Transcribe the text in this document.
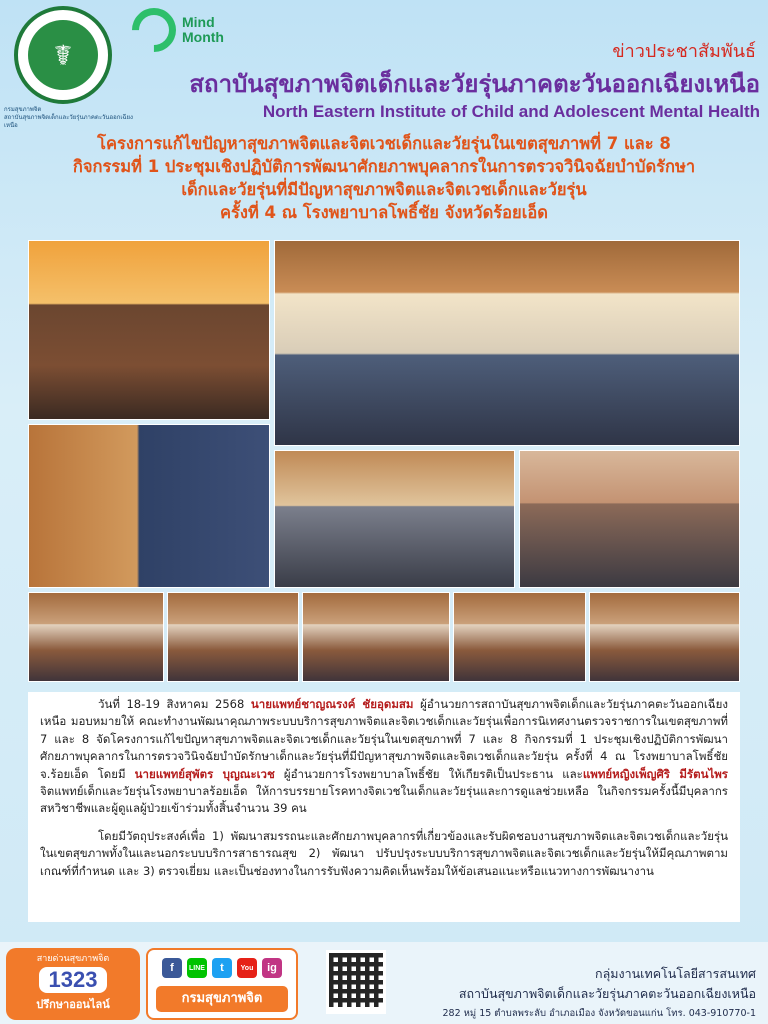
☤
กรมสุขภาพจิต
สถาบันสุขภาพจิตเด็กและวัยรุ่นภาคตะวันออกเฉียงเหนือ
Mind
Month
ข่าวประชาสัมพันธ์
สถาบันสุขภาพจิตเด็กและวัยรุ่นภาคตะวันออกเฉียงเหนือ
North Eastern Institute of Child and Adolescent Mental Health
โครงการแก้ไขปัญหาสุขภาพจิตและจิตเวชเด็กและวัยรุ่นในเขตสุขภาพที่ 7 และ 8
กิจกรรมที่ 1 ประชุมเชิงปฏิบัติการพัฒนาศักยภาพบุคลากรในการตรวจวินิจฉัยบำบัดรักษา
เด็กและวัยรุ่นที่มีปัญหาสุขภาพจิตและจิตเวชเด็กและวัยรุ่น
ครั้งที่ 4 ณ โรงพยาบาลโพธิ์ชัย จังหวัดร้อยเอ็ด

วันที่ 18-19 สิงหาคม 2568 นายแพทย์ชาญณรงค์ ชัยอุดมสม ผู้อำนวยการสถาบันสุขภาพจิตเด็กและวัยรุ่นภาคตะวันออกเฉียงเหนือ มอบหมายให้ คณะทำงานพัฒนาคุณภาพระบบบริการสุขภาพจิตและจิตเวชเด็กและวัยรุ่นเพื่อการนิเทศงานตรวจราชการในเขตสุขภาพที่ 7 และ 8 จัดโครงการแก้ไขปัญหาสุขภาพจิตและจิตเวชเด็กและวัยรุ่นในเขตสุขภาพที่ 7 และ 8 กิจกรรมที่ 1 ประชุมเชิงปฏิบัติการพัฒนาศักยภาพบุคลากรในการตรวจวินิจฉัยบำบัดรักษาเด็กและวัยรุ่นที่มีปัญหาสุขภาพจิตและจิตเวชเด็กและวัยรุ่น ครั้งที่ 4 ณ โรงพยาบาลโพธิ์ชัย จ.ร้อยเอ็ด โดยมี นายแพทย์สุพัตร บุญณะเวช ผู้อำนวยการโรงพยาบาลโพธิ์ชัย ให้เกียรติเป็นประธาน และแพทย์หญิงเพ็ญศิริ มีรัตนไพร จิตแพทย์เด็กและวัยรุ่นโรงพยาบาลร้อยเอ็ด ให้การบรรยายโรคทางจิตเวชในเด็กและวัยรุ่นและการดูแลช่วยเหลือ ในกิจกรรมครั้งนี้มีบุคลากรสหวิชาชีพและผู้ดูแลผู้ป่วยเข้าร่วมทั้งสิ้นจำนวน 39 คน

โดยมีวัตถุประสงค์เพื่อ 1) พัฒนาสมรรถนะและศักยภาพบุคลากรที่เกี่ยวข้องและรับผิดชอบงานสุขภาพจิตและจิตเวชเด็กและวัยรุ่นในเขตสุขภาพทั้งในและนอกระบบบริการสาธารณสุข 2) พัฒนา ปรับปรุงระบบบริการสุขภาพจิตและจิตเวชเด็กและวัยรุ่นให้มีคุณภาพตามเกณฑ์ที่กำหนด และ 3) ตรวจเยี่ยม และเป็นช่องทางในการรับฟังความคิดเห็นพร้อมให้ข้อเสนอแนะหรือแนวทางการพัฒนางาน

สายด่วนสุขภาพจิต
1323
ปรึกษาออนไลน์
f	LINE	t	You	ig
กรมสุขภาพจิต
กลุ่มงานเทคโนโลยีสารสนเทศ
สถาบันสุขภาพจิตเด็กและวัยรุ่นภาคตะวันออกเฉียงเหนือ
282 หมู่ 15 ตำบลพระลับ อำเภอเมือง จังหวัดขอนแก่น โทร. 043-910770-1
